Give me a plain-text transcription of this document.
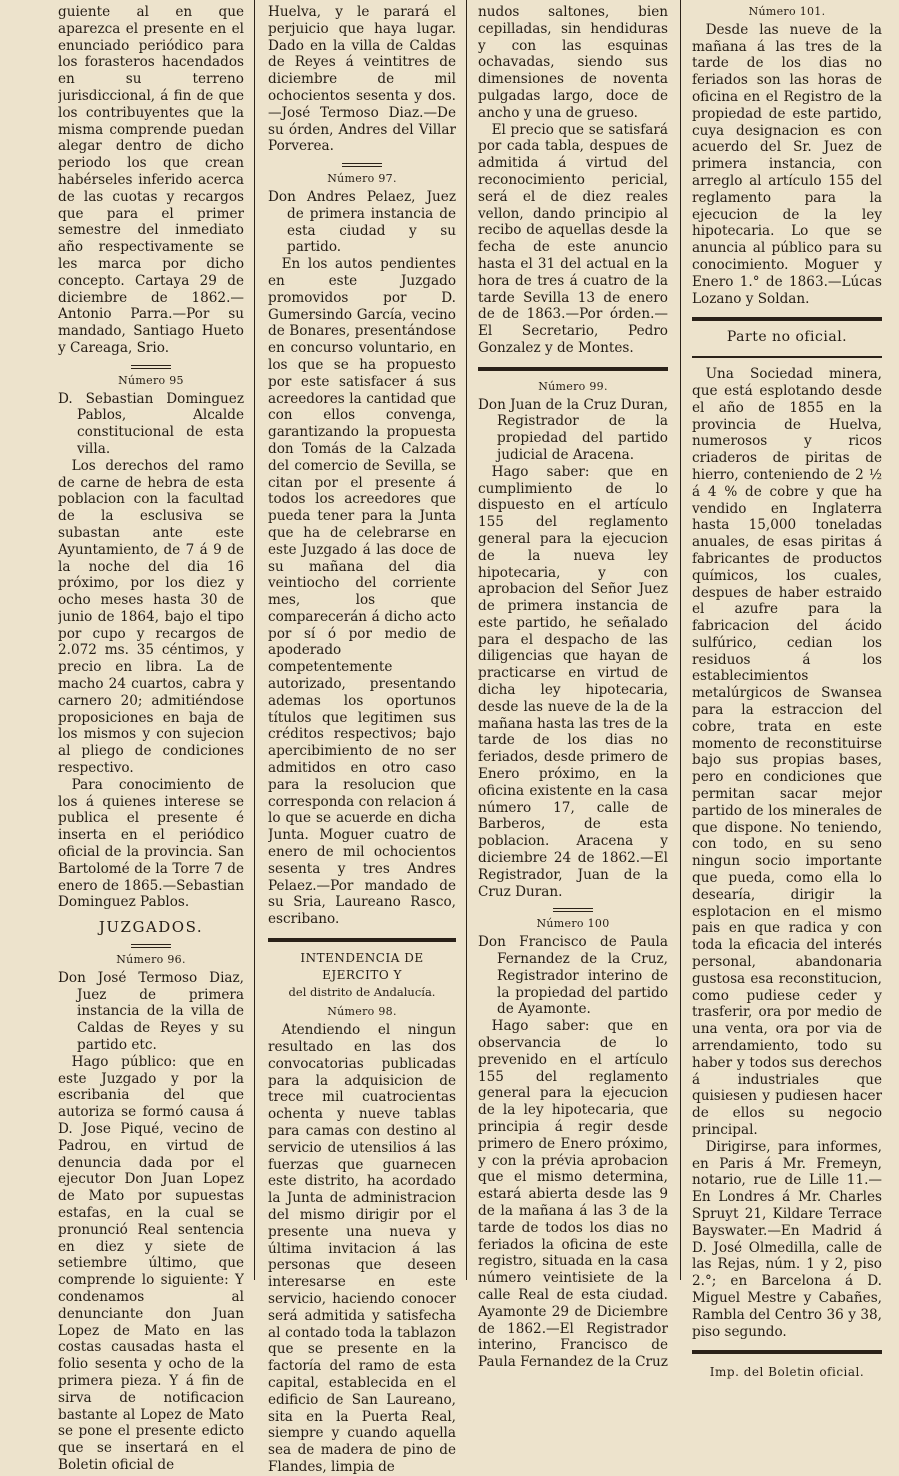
guiente al en que aparezca el presente en el enunciado periódico para los forasteros hacendados en su terreno jurisdiccional, á fin de que los contribuyentes que la misma comprende puedan alegar dentro de dicho periodo los que crean habérseles inferido acerca de las cuotas y recargos que para el primer semestre del inmediato año respectivamente se les marca por dicho concepto. Cartaya 29 de diciembre de 1862.—Antonio Parra.—Por su mandado, Santiago Hueto y Careaga, Srio.

Número 95

D. Sebastian Dominguez Pablos, Alcalde constitucional de esta villa.

Los derechos del ramo de carne de hebra de esta poblacion con la facultad de la esclusiva se subastan ante este Ayuntamiento, de 7 á 9 de la noche del dia 16 próximo, por los diez y ocho meses hasta 30 de junio de 1864, bajo el tipo por cupo y recargos de 2.072 ms. 35 céntimos, y precio en libra. La de macho 24 cuartos, cabra y carnero 20; admitiéndose proposiciones en baja de los mismos y con sujecion al pliego de condiciones respectivo.

Para conocimiento de los á quienes interese se publica el presente é inserta en el periódico oficial de la provincia. San Bartolomé de la Torre 7 de enero de 1865.—Sebastian Dominguez Pablos.

JUZGADOS.
Número 96.

Don José Termoso Diaz, Juez de primera instancia de la villa de Caldas de Reyes y su partido etc.

Hago público: que en este Juzgado y por la escribania del que autoriza se formó causa á D. Jose Piqué, vecino de Padrou, en virtud de denuncia dada por el ejecutor Don Juan Lopez de Mato por supuestas estafas, en la cual se pronunció Real sentencia en diez y siete de setiembre último, que comprende lo siguiente: Y condenamos al denunciante don Juan Lopez de Mato en las costas causadas hasta el folio sesenta y ocho de la primera pieza. Y á fin de sirva de notificacion bastante al Lopez de Mato se pone el presente edicto que se insertará en el Boletin oficial de

Huelva, y le parará el perjuicio que haya lugar. Dado en la villa de Caldas de Reyes á veintitres de diciembre de mil ochocientos sesenta y dos.—José Termoso Diaz.—De su órden, Andres del Villar Porverea.

Número 97.

Don Andres Pelaez, Juez de primera instancia de esta ciudad y su partido.

En los autos pendientes en este Juzgado promovidos por D. Gumersindo García, vecino de Bonares, presentándose en concurso voluntario, en los que se ha propuesto por este satisfacer á sus acreedores la cantidad que con ellos convenga, garantizando la propuesta don Tomás de la Calzada del comercio de Sevilla, se citan por el presente á todos los acreedores que pueda tener para la Junta que ha de celebrarse en este Juzgado á las doce de su mañana del dia veintiocho del corriente mes, los que comparecerán á dicho acto por sí ó por medio de apoderado competentemente autorizado, presentando ademas los oportunos títulos que legitimen sus créditos respectivos; bajo apercibimiento de no ser admitidos en otro caso para la resolucion que corresponda con relacion á lo que se acuerde en dicha Junta. Moguer cuatro de enero de mil ochocientos sesenta y tres Andres Pelaez.—Por mandado de su Sria, Laureano Rasco, escribano.

INTENDENCIA DE EJERCITO Y
del distrito de Andalucía.
Número 98.

Atendiendo el ningun resultado en las dos convocatorias publicadas para la adquisicion de trece mil cuatrocientas ochenta y nueve tablas para camas con destino al servicio de utensilios á las fuerzas que guarnecen este distrito, ha acordado la Junta de administracion del mismo dirigir por el presente una nueva y última invitacion á las personas que deseen interesarse en este servicio, haciendo conocer será admitida y satisfecha al contado toda la tablazon que se presente en la factoría del ramo de esta capital, establecida en el edificio de San Laureano, sita en la Puerta Real, siempre y cuando aquella sea de madera de pino de Flandes, limpia de

nudos saltones, bien cepilladas, sin hendiduras y con las esquinas ochavadas, siendo sus dimensiones de noventa pulgadas largo, doce de ancho y una de grueso.

El precio que se satisfará por cada tabla, despues de admitida á virtud del reconocimiento pericial, será el de diez reales vellon, dando principio al recibo de aquellas desde la fecha de este anuncio hasta el 31 del actual en la hora de tres á cuatro de la tarde Sevilla 13 de enero de de 1863.—Por órden.—El Secretario, Pedro Gonzalez y de Montes.

Número 99.

Don Juan de la Cruz Duran, Registrador de la propiedad del partido judicial de Aracena.

Hago saber: que en cumplimiento de lo dispuesto en el artículo 155 del reglamento general para la ejecucion de la nueva ley hipotecaria, y con aprobacion del Señor Juez de primera instancia de este partido, he señalado para el despacho de las diligencias que hayan de practicarse en virtud de dicha ley hipotecaria, desde las nueve de la de la mañana hasta las tres de la tarde de los dias no feriados, desde primero de Enero próximo, en la oficina existente en la casa número 17, calle de Barberos, de esta poblacion. Aracena y diciembre 24 de 1862.—El Registrador, Juan de la Cruz Duran.

Número 100

Don Francisco de Paula Fernandez de la Cruz, Registrador interino de la propiedad del partido de Ayamonte.

Hago saber: que en observancia de lo prevenido en el artículo 155 del reglamento general para la ejecucion de la ley hipotecaria, que principia á regir desde primero de Enero próximo, y con la prévia aprobacion que el mismo determina, estará abierta desde las 9 de la mañana á las 3 de la tarde de todos los dias no feriados la oficina de este registro, situada en la casa número veintisiete de la calle Real de esta ciudad. Ayamonte 29 de Diciembre de 1862.—El Registrador interino, Francisco de Paula Fernandez de la Cruz

Número 101.

Desde las nueve de la mañana á las tres de la tarde de los dias no feriados son las horas de oficina en el Registro de la propiedad de este partido, cuya designacion es con acuerdo del Sr. Juez de primera instancia, con arreglo al artículo 155 del reglamento para la ejecucion de la ley hipotecaria. Lo que se anuncia al público para su conocimiento. Moguer y Enero 1.° de 1863.—Lúcas Lozano y Soldan.

Parte no oficial.

Una Sociedad minera, que está esplotando desde el año de 1855 en la provincia de Huelva, numerosos y ricos criaderos de piritas de hierro, conteniendo de 2 ½ á 4 % de cobre y que ha vendido en Inglaterra hasta 15,000 toneladas anuales, de esas piritas á fabricantes de productos químicos, los cuales, despues de haber estraido el azufre para la fabricacion del ácido sulfúrico, cedian los residuos á los establecimientos metalúrgicos de Swansea para la estraccion del cobre, trata en este momento de reconstituirse bajo sus propias bases, pero en condiciones que permitan sacar mejor partido de los minerales de que dispone. No teniendo, con todo, en su seno ningun socio importante que pueda, como ella lo desearía, dirigir la esplotacion en el mismo pais en que radica y con toda la eficacia del interés personal, abandonaria gustosa esa reconstitucion, como pudiese ceder y trasferir, ora por medio de una venta, ora por via de arrendamiento, todo su haber y todos sus derechos á industriales que quisiesen y pudiesen hacer de ellos su negocio principal.

Dirigirse, para informes, en Paris á Mr. Fremeyn, notario, rue de Lille 11.—En Londres á Mr. Charles Spruyt 21, Kildare Terrace Bayswater.—En Madrid á D. José Olmedilla, calle de las Rejas, núm. 1 y 2, piso 2.°; en Barcelona á D. Miguel Mestre y Cabañes, Rambla del Centro 36 y 38, piso segundo.

Imp. del Boletin oficial.
